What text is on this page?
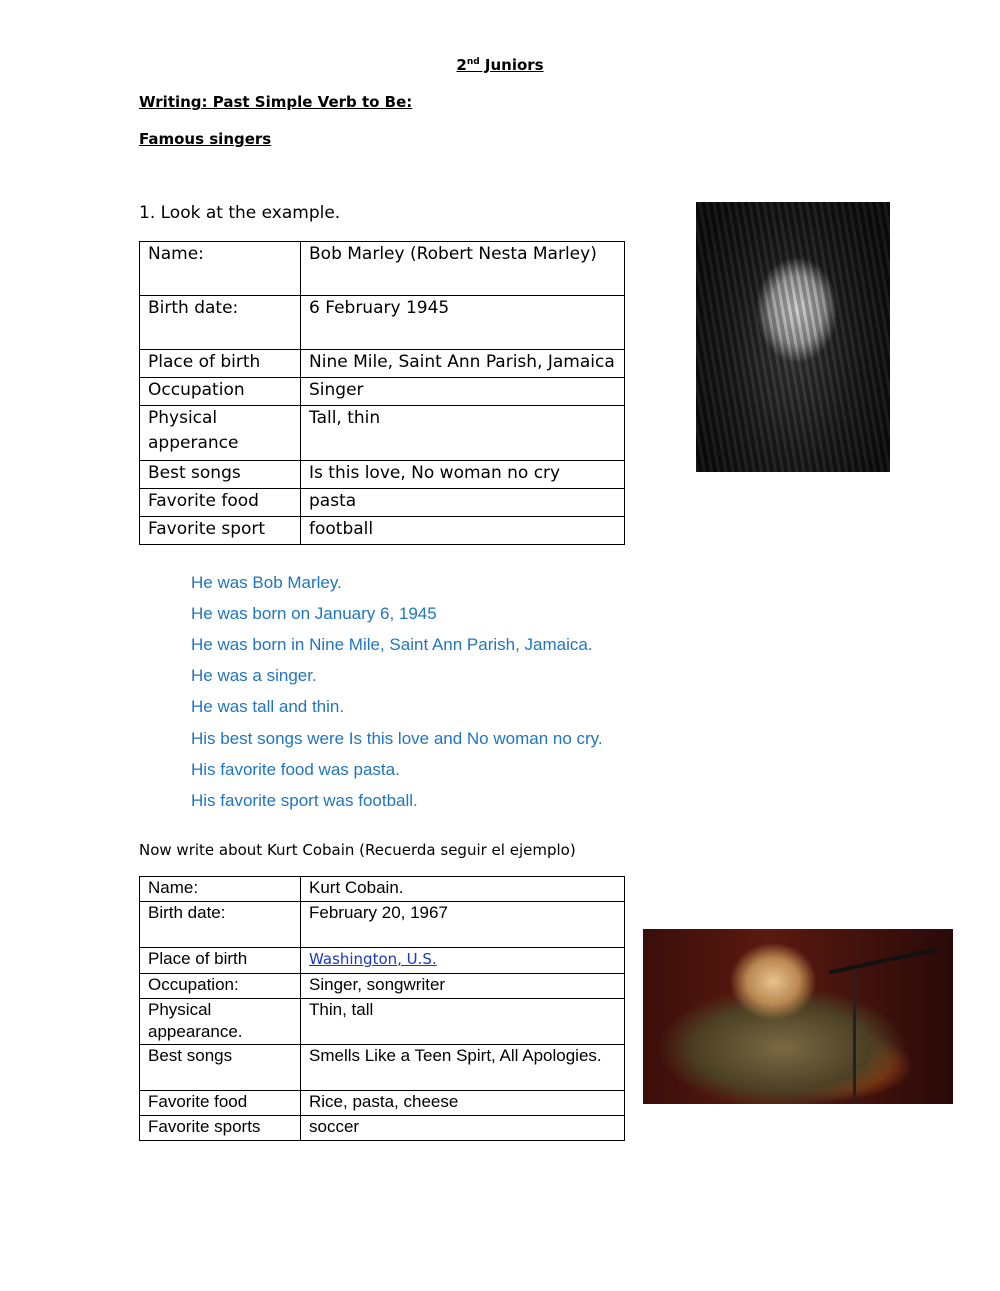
2nd Juniors
Writing: Past Simple Verb to Be:
Famous singers
1. Look at the example.
Name:	Bob Marley (Robert Nesta Marley)
Birth date:	6 February 1945
Place of birth	Nine Mile, Saint Ann Parish, Jamaica
Occupation	Singer
Physical apperance	Tall, thin
Best songs	Is this love, No woman no cry
Favorite food	pasta
Favorite sport	football
He was Bob Marley.
He was born on January 6, 1945
He was born in Nine Mile, Saint Ann Parish, Jamaica.
He was a singer.
He was tall and thin.
His best songs were Is this love and No woman no cry.
His favorite food was pasta.
His favorite sport was football.
Now write about Kurt Cobain (Recuerda seguir el ejemplo)
Name:	Kurt Cobain.
Birth date:	February 20, 1967
Place of birth	Washington, U.S.
Occupation:	Singer, songwriter
Physical appearance.	Thin, tall
Best songs	Smells Like a Teen Spirt, All Apologies.
Favorite food	Rice, pasta, cheese
Favorite sports	soccer
